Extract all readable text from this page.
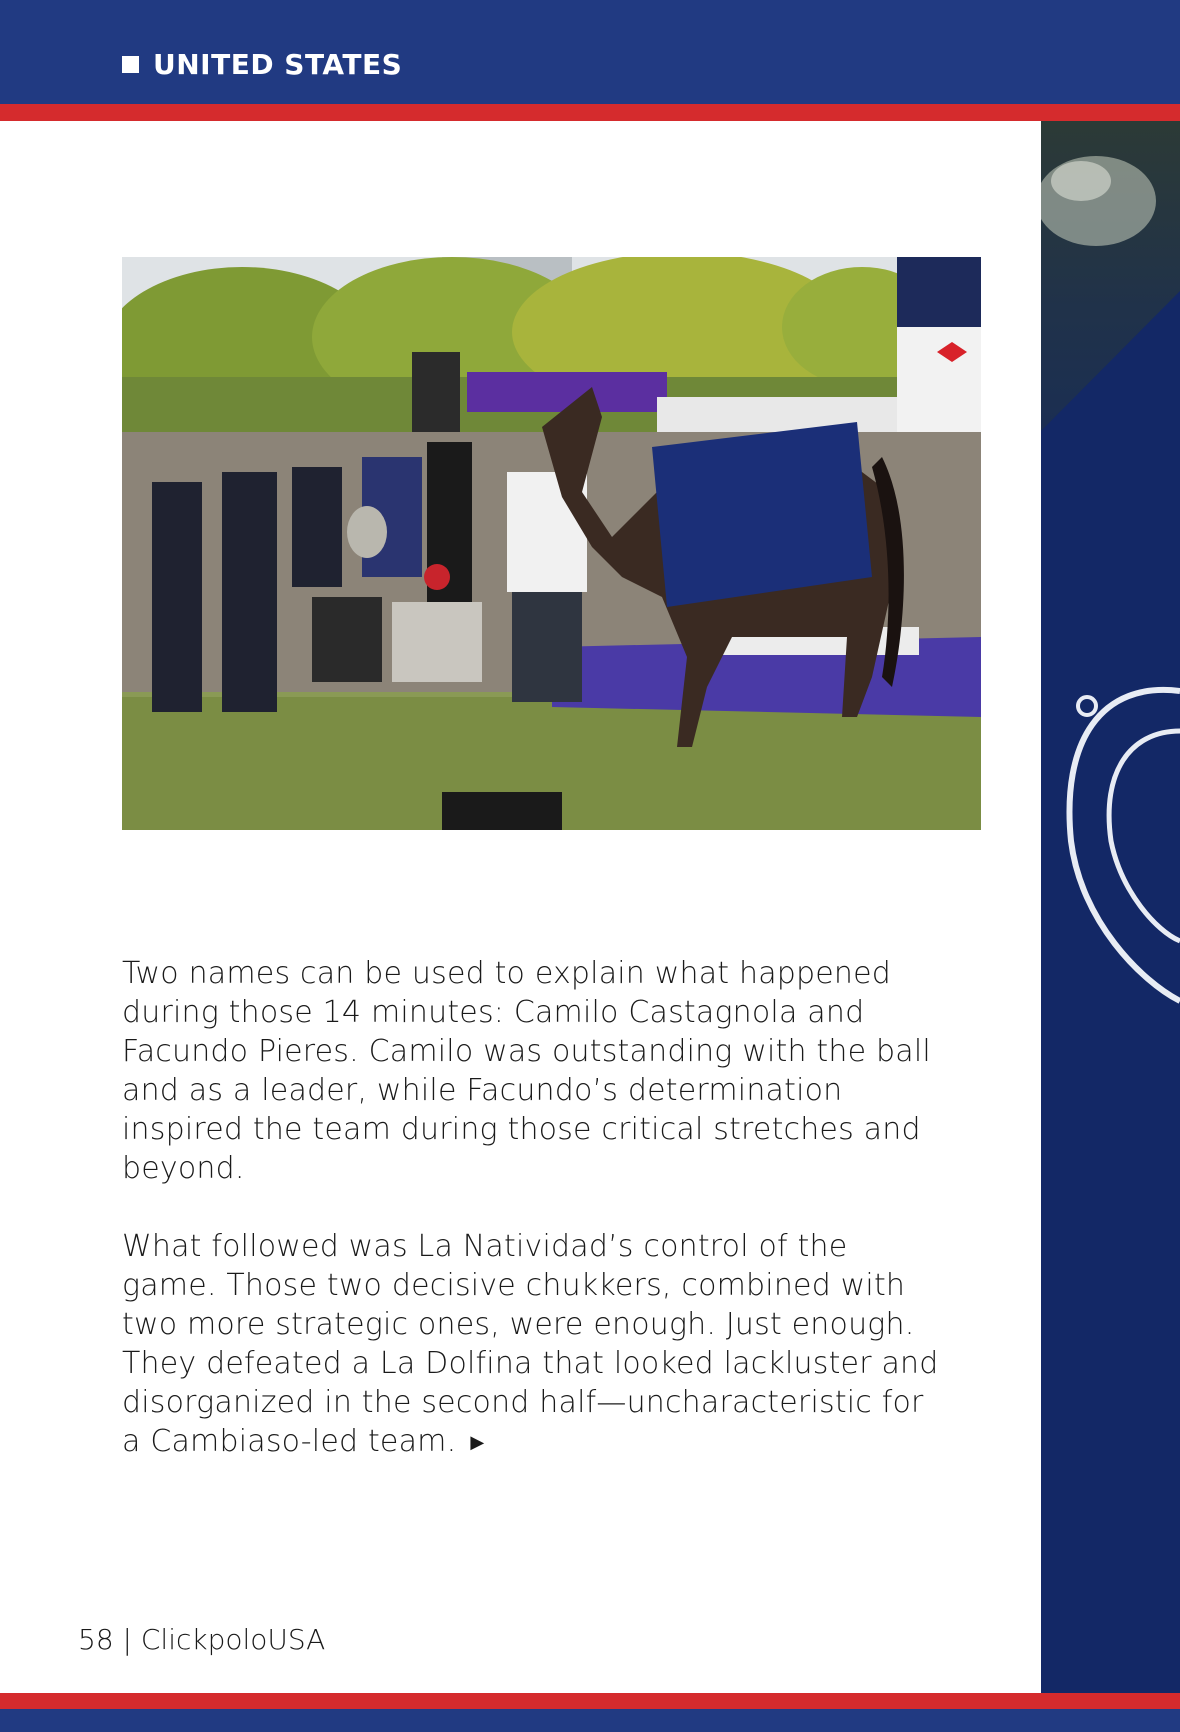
UNITED STATES

Two names can be used to explain what happened during those 14 minutes: Camilo Castagnola and Facundo Pieres. Camilo was outstanding with the ball and as a leader, while Facundo’s determination inspired the team during those critical stretches and beyond.

What followed was La Natividad’s control of the game. Those two decisive chukkers, combined with two more strategic ones, were enough. Just enough. They defeated a La Dolfina that looked lackluster and disorganized in the second half—uncharacteristic for a Cambiaso-led team. ▶

58 | ClickpoloUSA
